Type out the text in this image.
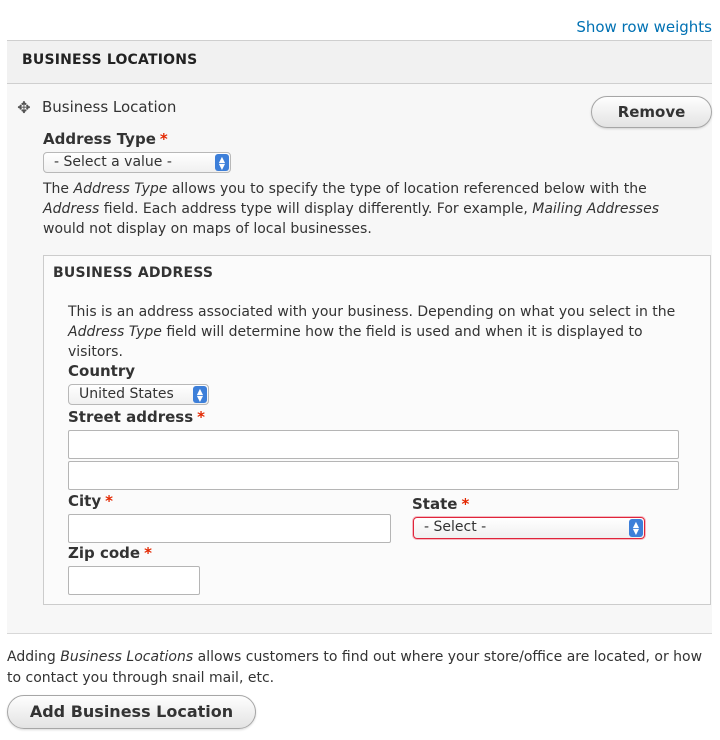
Show row weights
BUSINESS LOCATIONS
✥ Business Location	Remove
Address Type *
- Select a value -	▲
▼
The Address Type allows you to specify the type of location referenced below with the Address field. Each address type will display differently. For example, Mailing Addresses would not display on maps of local businesses.
BUSINESS ADDRESS
This is an address associated with your business. Depending on what you select in the Address Type field will determine how the field is used and when it is displayed to visitors.
Country
United States	▲
▼
Street address *
City *	State *
- Select -	▲
▼
Zip code *
Adding Business Locations allows customers to find out where your store/office are located, or how to contact you through snail mail, etc.
Add Business Location
